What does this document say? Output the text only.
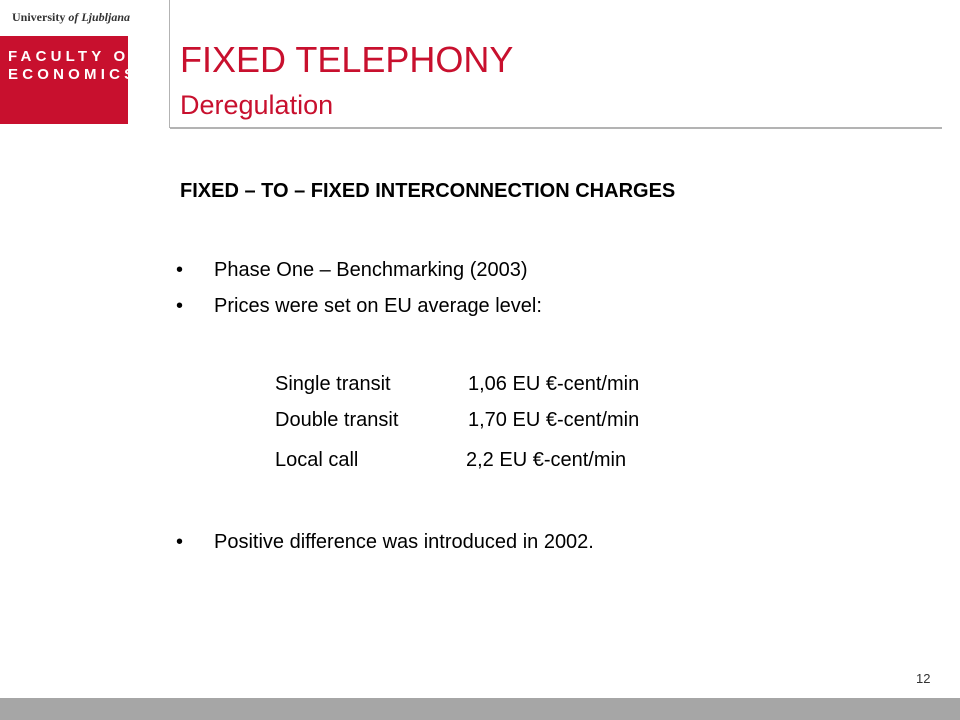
University of Ljubljana
FACULTY OF
ECONOMICS FIXED TELEPHONY
Deregulation
FIXED – TO – FIXED INTERCONNECTION CHARGES
• Phase One – Benchmarking (2003)
• Prices were set on EU average level:
Single transit	1,06 EU €-cent/min
Double transit	1,70 EU €-cent/min
Local call	2,2 EU €-cent/min
• Positive difference was introduced in 2002.
12
